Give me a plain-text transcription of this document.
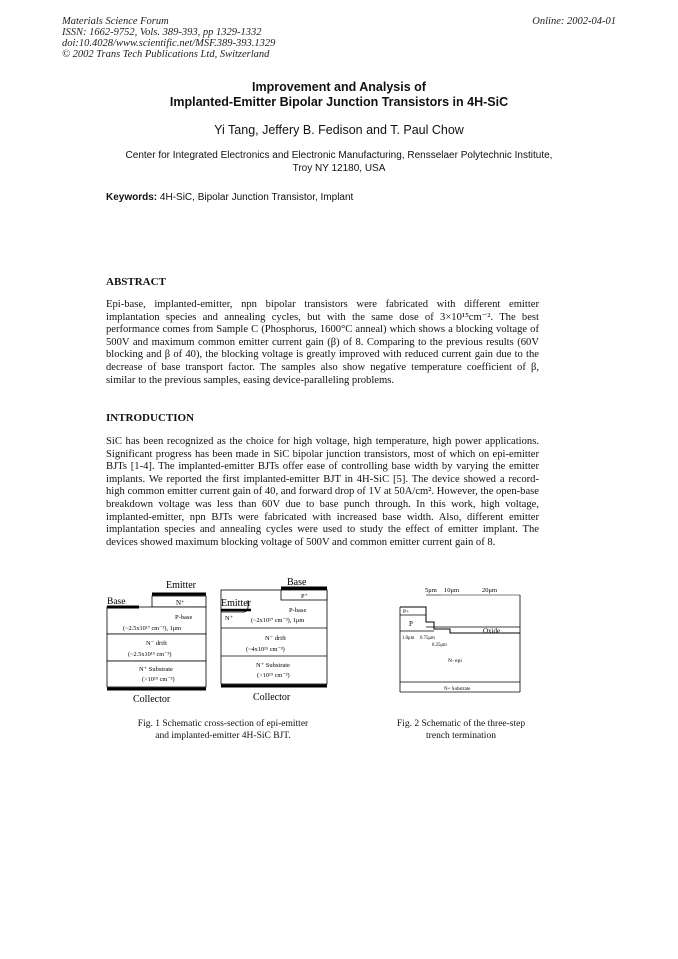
Materials Science Forum
ISSN: 1662-9752, Vols. 389-393, pp 1329-1332
doi:10.4028/www.scientific.net/MSF.389-393.1329
© 2002 Trans Tech Publications Ltd, Switzerland
Online: 2002-04-01
Improvement and Analysis of
Implanted-Emitter Bipolar Junction Transistors in 4H-SiC
Yi Tang, Jeffery B. Fedison and T. Paul Chow
Center for Integrated Electronics and Electronic Manufacturing, Rensselaer Polytechnic Institute,
Troy NY 12180, USA
Keywords: 4H-SiC, Bipolar Junction Transistor, Implant
ABSTRACT

Epi-base, implanted-emitter, npn bipolar transistors were fabricated with different emitter implantation species and annealing cycles, but with the same dose of 3×10¹⁵cm⁻². The best performance comes from Sample C (Phosphorus, 1600°C anneal) which shows a blocking voltage of 500V and maximum common emitter current gain (β) of 8. Comparing to the previous results (60V blocking and β of 40), the blocking voltage is greatly improved with reduced current gain due to the decrease of base transport factor. The samples also show negative temperature coefficient of β, similar to the previous samples, easing device-paralleling problems.

INTRODUCTION

SiC has been recognized as the choice for high voltage, high temperature, high power applications. Significant progress has been made in SiC bipolar junction transistors, most of which on epi-emitter BJTs [1-4]. The implanted-emitter BJTs offer ease of controlling base width by varying the emitter implants. We reported the first implanted-emitter BJT in 4H-SiC [5]. The device showed a record-high common emitter current gain of 40, and forward drop of 1V at 50A/cm². However, the open-base breakdown voltage was less than 60V due to base punch through. In this work, high voltage, implanted-emitter, npn BJTs were fabricated with increased base width. Also, different emitter implantation species and annealing cycles were used to study the effect of emitter implant. The devices showed maximum blocking voltage of 500V and common emitter current gain of 8.

Emitter
Base	N⁺
P-base
(~2.5x10¹⁷ cm⁻³), 1μm
N⁻ drift
(~2.5x10¹⁵ cm⁻³)
N⁺ Substrate
(>10¹⁹ cm⁻³)
Collector
Base
Emitter
P⁺
N⁺
P-base
(~2x10¹⁷ cm⁻³), 1μm
N⁻ drift
(~4x10¹⁵ cm⁻³)
N⁺ Substrate
(>10¹⁹ cm⁻³)
Collector
Fig. 1 Schematic cross-section of epi-emitter
and implanted-emitter 4H-SiC BJT.
5μm 10μm	20μm
P+
P
Oxide
1.0μm 0.75μm
0.25μm
N- epi
N+ Substrate
Fig. 2 Schematic of the three-step
trench termination
